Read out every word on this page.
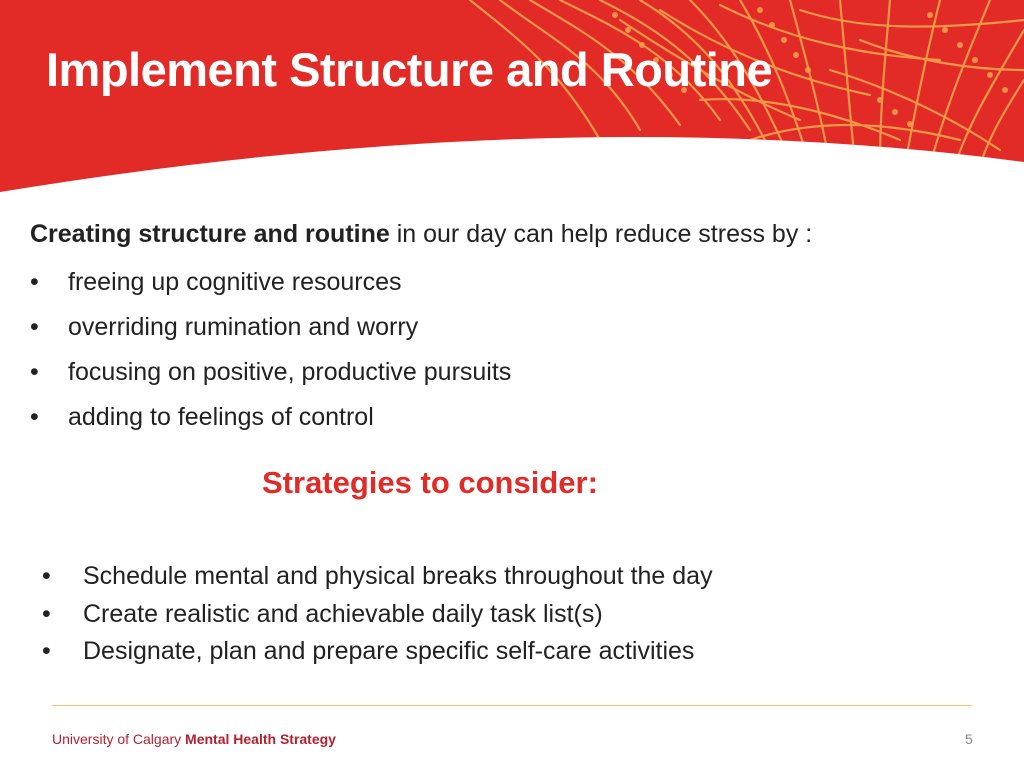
Implement Structure and Routine

Creating structure and routine in our day can help reduce stress by :

•	freeing up cognitive resources
•	overriding rumination and worry
•	focusing on positive, productive pursuits
•	adding to feelings of control
Strategies to consider:
•	Schedule mental and physical breaks throughout the day
•	Create realistic and achievable daily task list(s)
•	Designate, plan and prepare specific self-care activities
University of Calgary Mental Health Strategy	5
